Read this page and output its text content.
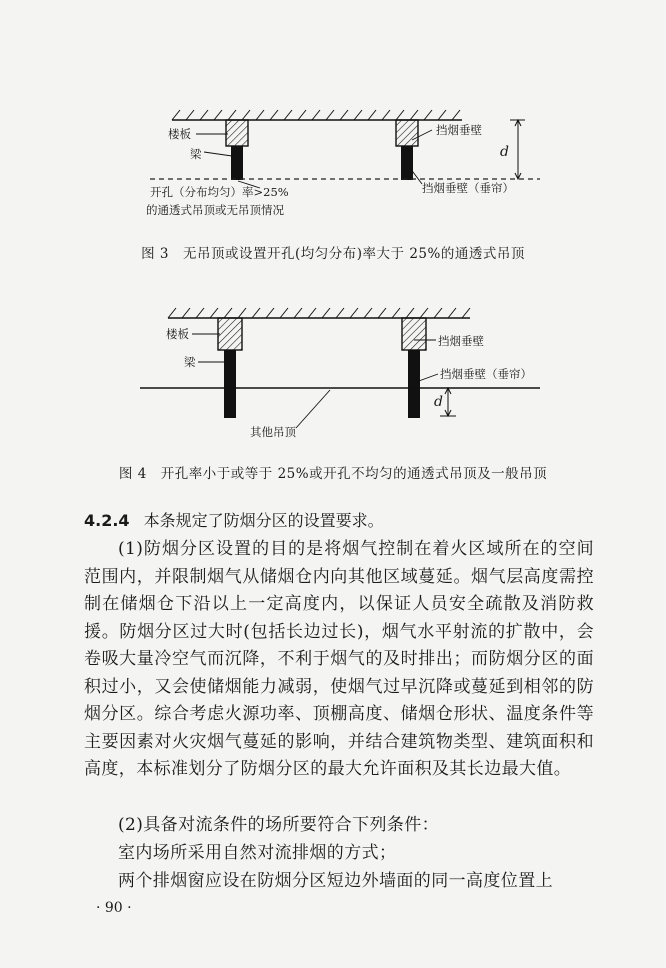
楼板
梁
挡烟垂壁
d
挡烟垂壁（垂帘）
开孔（分布均匀）率>25%
的通透式吊顶或无吊顶情况
图 3　无吊顶或设置开孔(均匀分布)率大于 25%的通透式吊顶
楼板
梁
挡烟垂壁
挡烟垂壁（垂帘）
d
其他吊顶
图 4　开孔率小于或等于 25%或开孔不均匀的通透式吊顶及一般吊顶
4.2.4 本条规定了防烟分区的设置要求。
(1)防烟分区设置的目的是将烟气控制在着火区域所在的空间范围内，并限制烟气从储烟仓内向其他区域蔓延。烟气层高度需控制在储烟仓下沿以上一定高度内，以保证人员安全疏散及消防救援。防烟分区过大时(包括长边过长)，烟气水平射流的扩散中，会卷吸大量冷空气而沉降，不利于烟气的及时排出；而防烟分区的面积过小，又会使储烟能力减弱，使烟气过早沉降或蔓延到相邻的防烟分区。综合考虑火源功率、顶棚高度、储烟仓形状、温度条件等主要因素对火灾烟气蔓延的影响，并结合建筑物类型、建筑面积和高度，本标准划分了防烟分区的最大允许面积及其长边最大值。
(2)具备对流条件的场所要符合下列条件：
室内场所采用自然对流排烟的方式；
两个排烟窗应设在防烟分区短边外墙面的同一高度位置上
· 90 ·
